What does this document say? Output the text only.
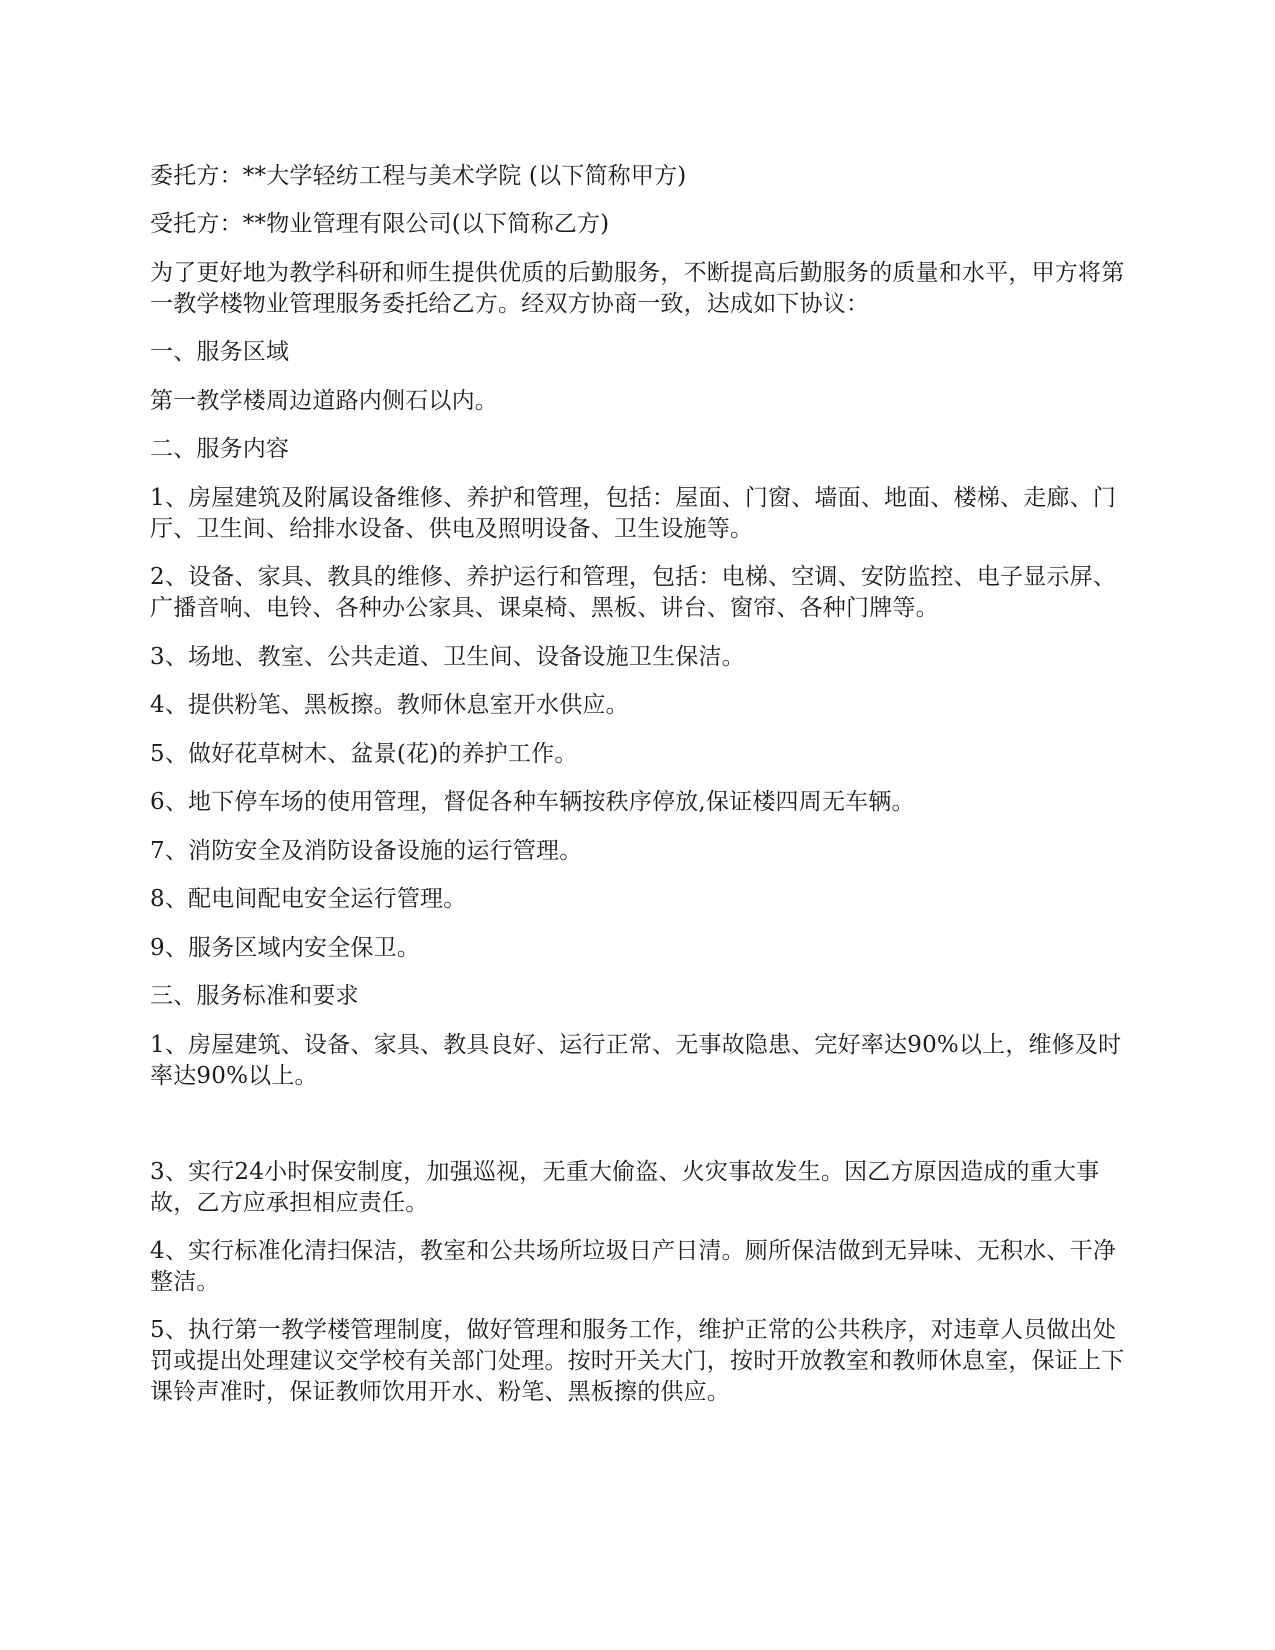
委托方：**大学轻纺工程与美术学院 (以下简称甲方)

受托方：**物业管理有限公司(以下简称乙方)

为了更好地为教学科研和师生提供优质的后勤服务，不断提高后勤服务的质量和水平，甲方将第一教学楼物业管理服务委托给乙方。经双方协商一致，达成如下协议：

一、服务区域

第一教学楼周边道路内侧石以内。

二、服务内容

1、房屋建筑及附属设备维修、养护和管理，包括：屋面、门窗、墙面、地面、楼梯、走廊、门厅、卫生间、给排水设备、供电及照明设备、卫生设施等。

2、设备、家具、教具的维修、养护运行和管理，包括：电梯、空调、安防监控、电子显示屏、广播音响、电铃、各种办公家具、课桌椅、黑板、讲台、窗帘、各种门牌等。

3、场地、教室、公共走道、卫生间、设备设施卫生保洁。

4、提供粉笔、黑板擦。教师休息室开水供应。

5、做好花草树木、盆景(花)的养护工作。

6、地下停车场的使用管理，督促各种车辆按秩序停放,保证楼四周无车辆。

7、消防安全及消防设备设施的运行管理。

8、配电间配电安全运行管理。

9、服务区域内安全保卫。

三、服务标准和要求

1、房屋建筑、设备、家具、教具良好、运行正常、无事故隐患、完好率达90%以上，维修及时率达90%以上。

3、实行24小时保安制度，加强巡视，无重大偷盗、火灾事故发生。因乙方原因造成的重大事故，乙方应承担相应责任。

4、实行标准化清扫保洁，教室和公共场所垃圾日产日清。厕所保洁做到无异味、无积水、干净整洁。

5、执行第一教学楼管理制度，做好管理和服务工作，维护正常的公共秩序，对违章人员做出处罚或提出处理建议交学校有关部门处理。按时开关大门，按时开放教室和教师休息室，保证上下课铃声准时，保证教师饮用开水、粉笔、黑板擦的供应。
